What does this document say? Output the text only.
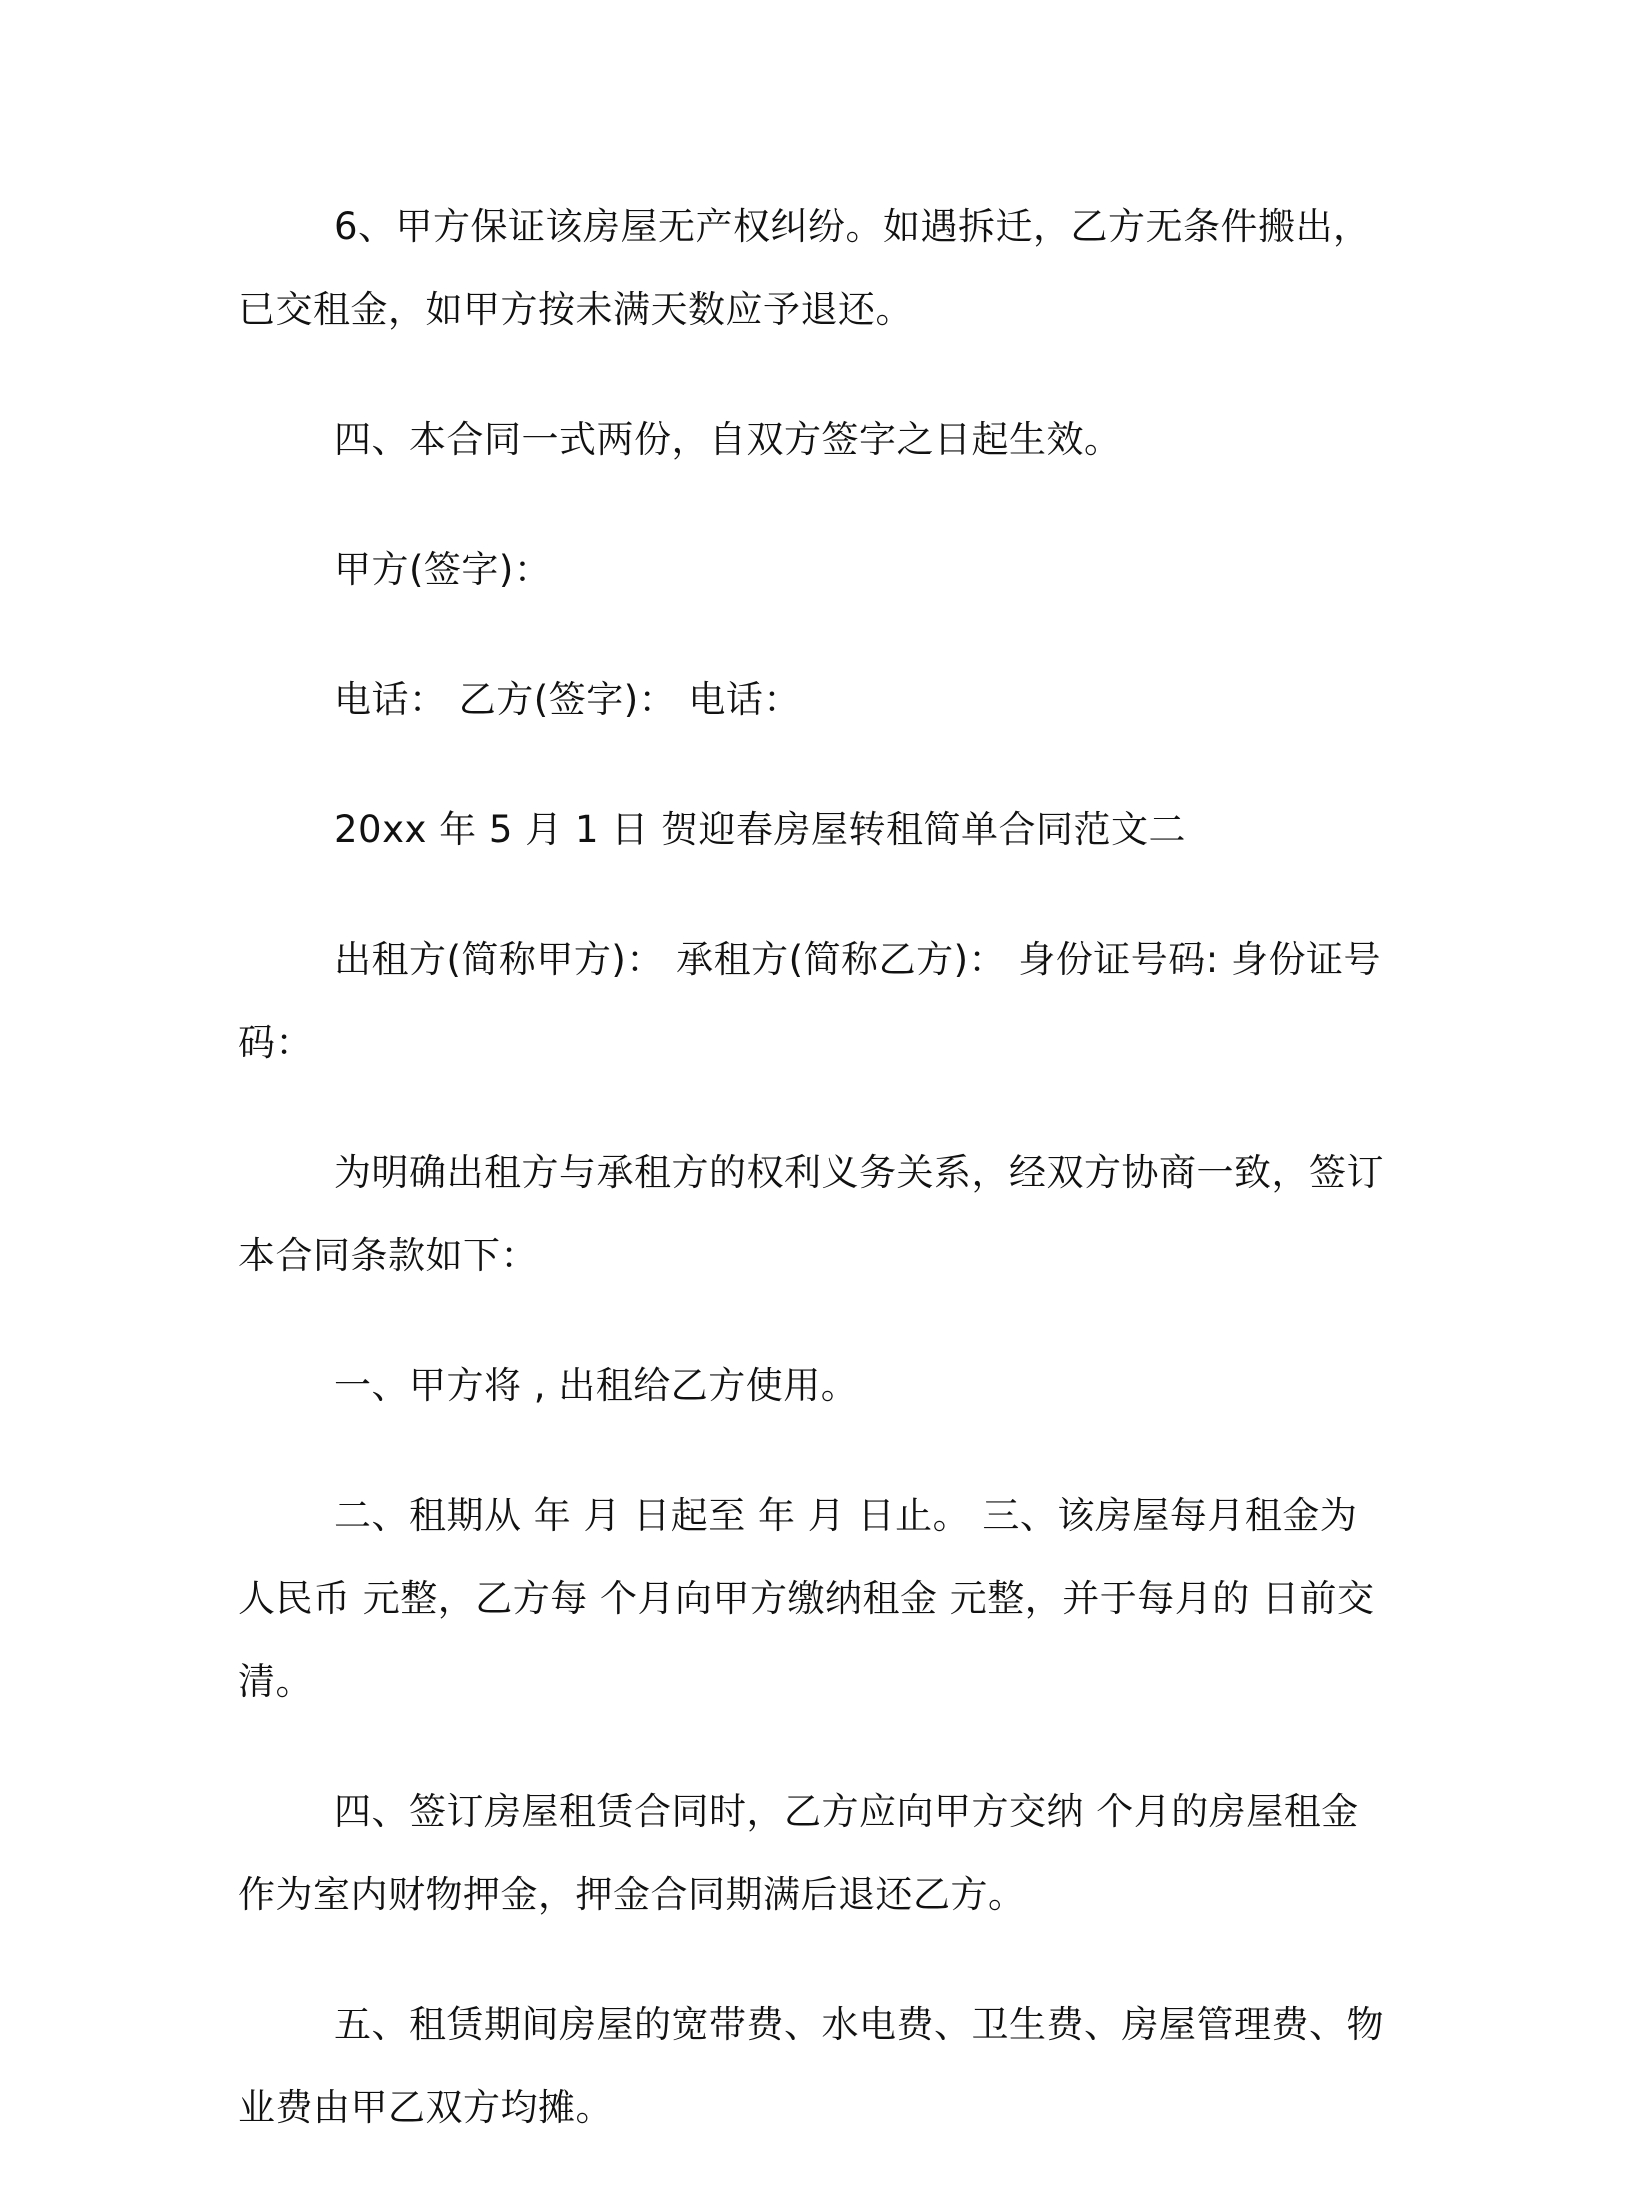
6、甲方保证该房屋无产权纠纷。如遇拆迁，乙方无条件搬出，已交租金，如甲方按未满天数应予退还。

四、本合同一式两份，自双方签字之日起生效。

甲方(签字)：

电话： 乙方(签字)： 电话：

20xx 年 5 月 1 日 贺迎春房屋转租简单合同范文二

出租方(简称甲方)： 承租方(简称乙方)： 身份证号码: 身份证号码：

为明确出租方与承租方的权利义务关系，经双方协商一致，签订本合同条款如下：

一、甲方将 , 出租给乙方使用。

二、租期从 年 月 日起至 年 月 日止。 三、该房屋每月租金为人民币 元整，乙方每 个月向甲方缴纳租金 元整，并于每月的 日前交清。

四、签订房屋租赁合同时，乙方应向甲方交纳 个月的房屋租金作为室内财物押金，押金合同期满后退还乙方。

五、租赁期间房屋的宽带费、水电费、卫生费、房屋管理费、物业费由甲乙双方均摊。
